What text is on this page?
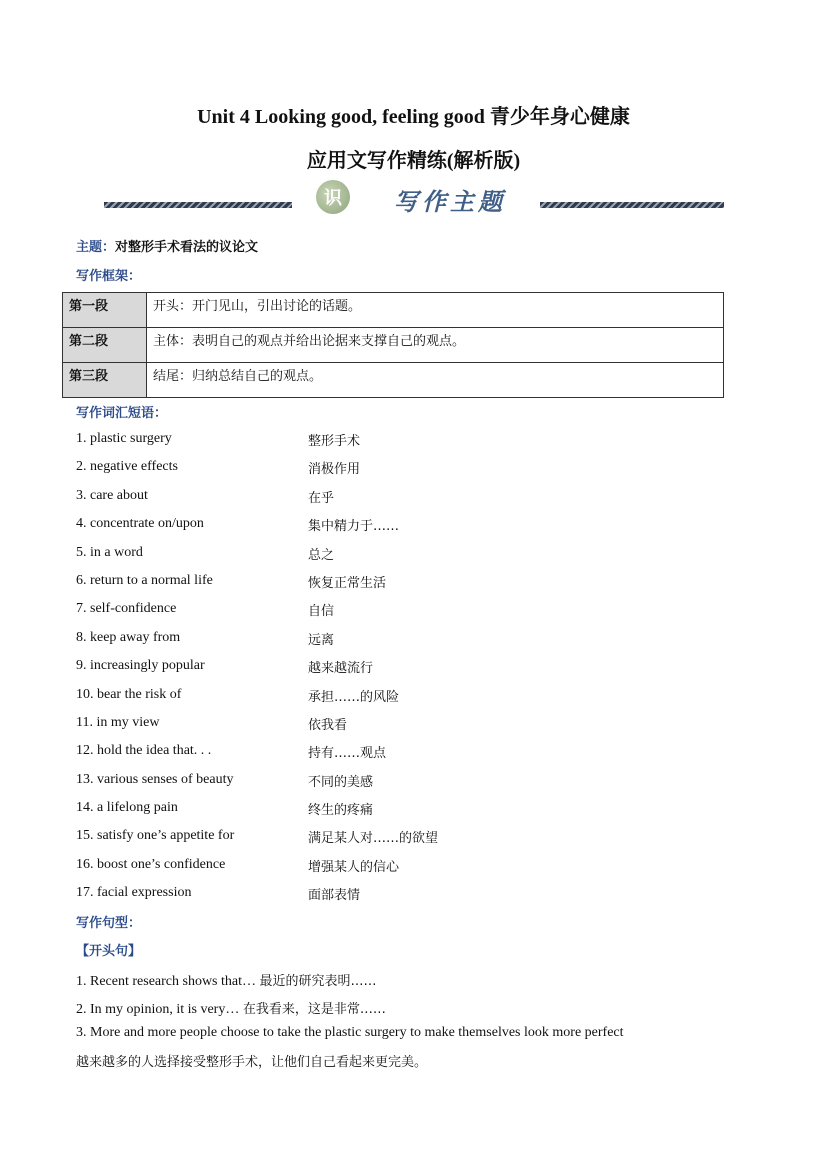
Unit 4 Looking good, feeling good 青少年身心健康
应用文写作精练(解析版)
识	写作主题
主题：对整形手术看法的议论文
写作框架：
第一段	开头：开门见山，引出讨论的话题。
第二段	主体：表明自己的观点并给出论据来支撑自己的观点。
第三段	结尾：归纳总结自己的观点。
写作词汇短语：
1. plastic surgery	整形手术
2. negative effects	消极作用
3. care about	在乎
4. concentrate on/upon	集中精力于……
5. in a word	总之
6. return to a normal life	恢复正常生活
7. self-confidence	自信
8. keep away from	远离
9. increasingly popular	越来越流行
10. bear the risk of	承担……的风险
11. in my view	依我看
12. hold the idea that. . .	持有……观点
13. various senses of beauty	不同的美感
14. a lifelong pain	终生的疼痛
15. satisfy one’s appetite for	满足某人对……的欲望
16. boost one’s confidence	增强某人的信心
17. facial expression	面部表情
写作句型：
【开头句】
1. Recent research shows that… 最近的研究表明……
2. In my opinion, it is very… 在我看来，这是非常……
3. More and more people choose to take the plastic surgery to make themselves look more perfect
越来越多的人选择接受整形手术，让他们自己看起来更完美。
